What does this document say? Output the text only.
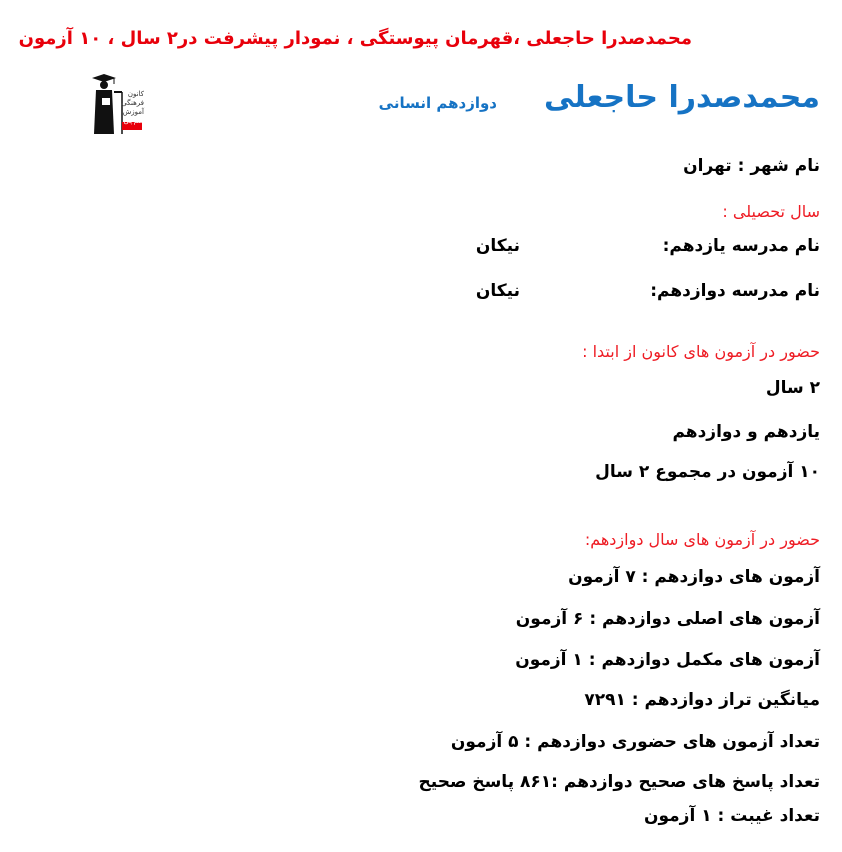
محمدصدرا حاجعلی ،قهرمان پیوستگی ، نمودار پیشرفت در۲ سال ، ۱۰ آزمون
کانون
فرهنگی
آموزش
قلم‌چی
محمدصدرا حاجعلی
دوازدهم انسانی
نام شهر : تهران
سال تحصیلی :
نام مدرسه یازدهم:
نیکان
نام مدرسه دوازدهم:
نیکان
حضور در آزمون های کانون از ابتدا :
۲ سال
یازدهم و دوازدهم
۱۰ آزمون در مجموع ۲ سال
حضور در آزمون های سال دوازدهم:
آزمون های دوازدهم : ۷ آزمون
آزمون های اصلی دوازدهم : ۶ آزمون
آزمون های مکمل دوازدهم : ۱ آزمون
میانگین تراز دوازدهم : ۷۲۹۱
تعداد آزمون های حضوری دوازدهم : ۵ آزمون
تعداد پاسخ های صحیح دوازدهم :۸۶۱ پاسخ صحیح
تعداد غیبت : ۱ آزمون
